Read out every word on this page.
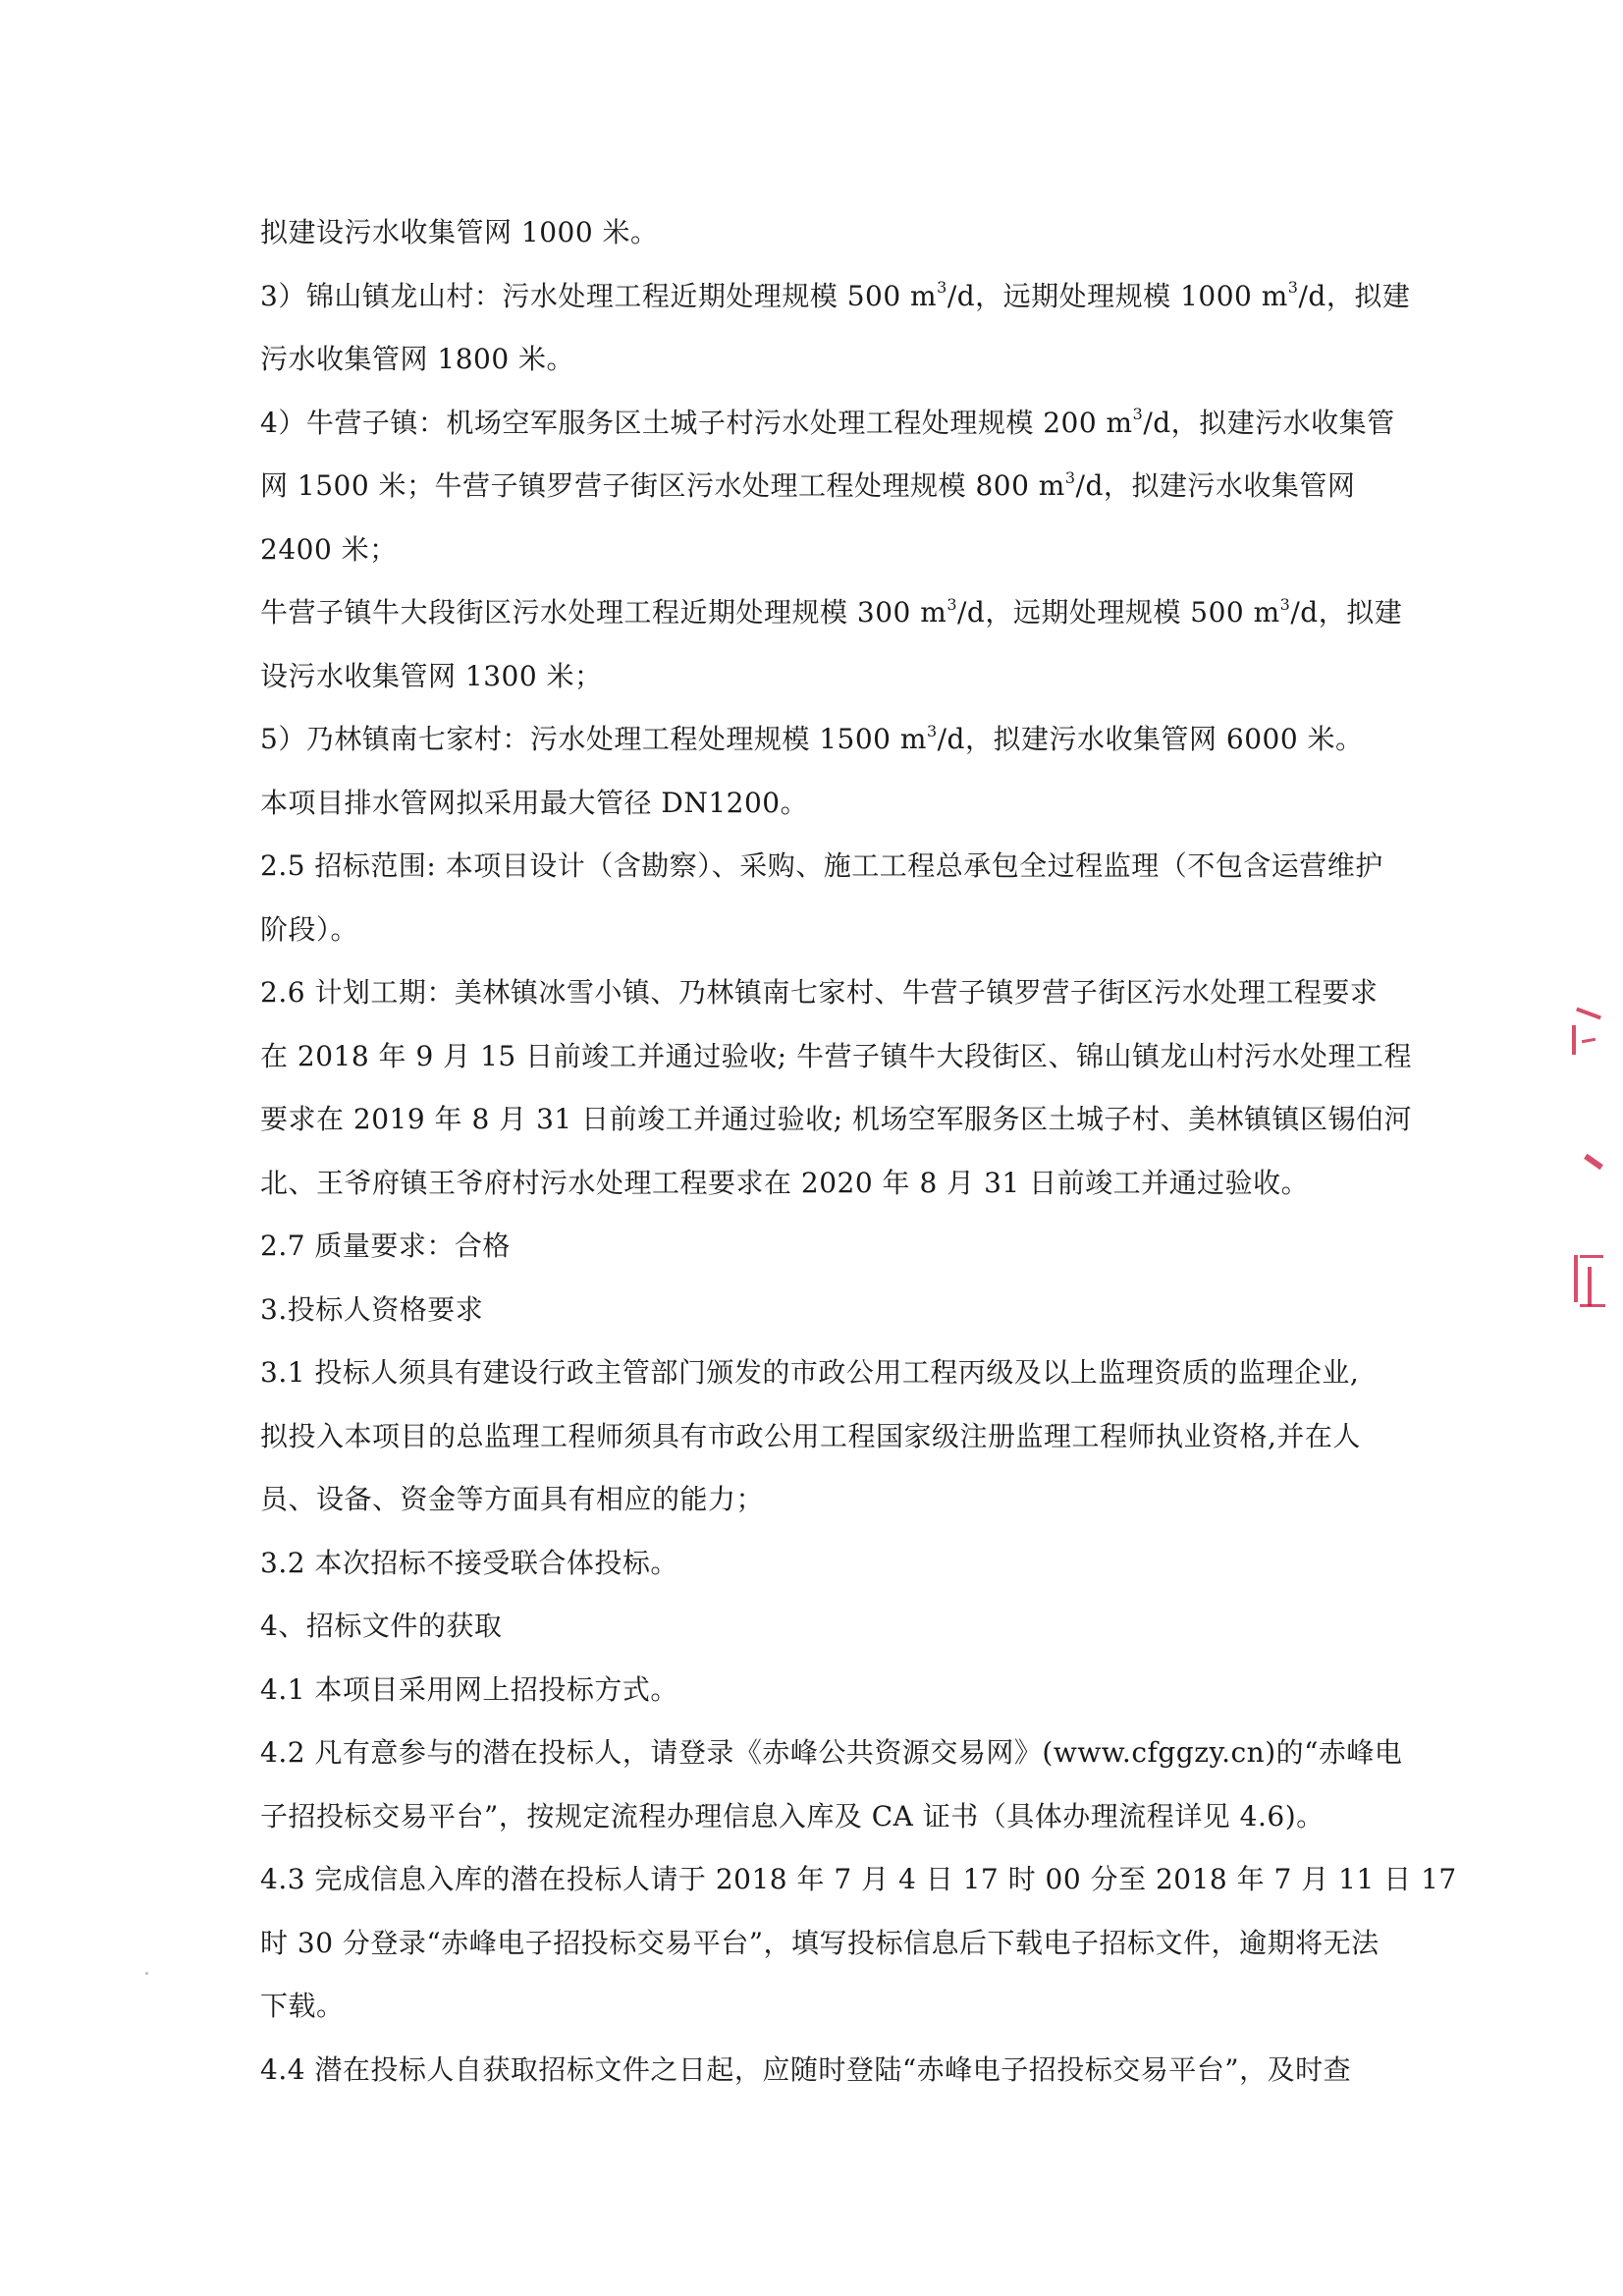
拟建设污水收集管网 1000 米。
3）锦山镇龙山村：污水处理工程近期处理规模 500 $m^3/d$，远期处理规模 1000 $m^3/d$，拟建
污水收集管网 1800 米。
4）牛营子镇：机场空军服务区土城子村污水处理工程处理规模 200 $m^3/d$，拟建污水收集管
网 1500 米；牛营子镇罗营子街区污水处理工程处理规模 800 $m^3/d$，拟建污水收集管网
2400 米；
牛营子镇牛大段街区污水处理工程近期处理规模 300 $m^3/d$，远期处理规模 500 $m^3/d$，拟建
设污水收集管网 1300 米；
5）乃林镇南七家村：污水处理工程处理规模 1500 $m^3/d$，拟建污水收集管网 6000 米。
本项目排水管网拟采用最大管径 DN1200。
2.5 招标范围: 本项目设计（含勘察）、采购、施工工程总承包全过程监理（不包含运营维护
阶段）。
2.6 计划工期：美林镇冰雪小镇、乃林镇南七家村、牛营子镇罗营子街区污水处理工程要求
在 2018 年 9 月 15 日前竣工并通过验收; 牛营子镇牛大段街区、锦山镇龙山村污水处理工程
要求在 2019 年 8 月 31 日前竣工并通过验收; 机场空军服务区土城子村、美林镇镇区锡伯河
北、王爷府镇王爷府村污水处理工程要求在 2020 年 8 月 31 日前竣工并通过验收。
2.7 质量要求：合格
3.投标人资格要求
3.1 投标人须具有建设行政主管部门颁发的市政公用工程丙级及以上监理资质的监理企业,
拟投入本项目的总监理工程师须具有市政公用工程国家级注册监理工程师执业资格,并在人
员、设备、资金等方面具有相应的能力；
3.2 本次招标不接受联合体投标。
4、招标文件的获取
4.1 本项目采用网上招投标方式。
4.2 凡有意参与的潜在投标人，请登录《赤峰公共资源交易网》(www.cfggzy.cn)的“赤峰电
子招投标交易平台”，按规定流程办理信息入库及 CA 证书（具体办理流程详见 4.6)。
4.3 完成信息入库的潜在投标人请于 2018 年 7 月 4 日 17 时 00 分至 2018 年 7 月 11 日 17
时 30 分登录“赤峰电子招投标交易平台”，填写投标信息后下载电子招标文件，逾期将无法
下载。
4.4 潜在投标人自获取招标文件之日起，应随时登陆“赤峰电子招投标交易平台”，及时查
